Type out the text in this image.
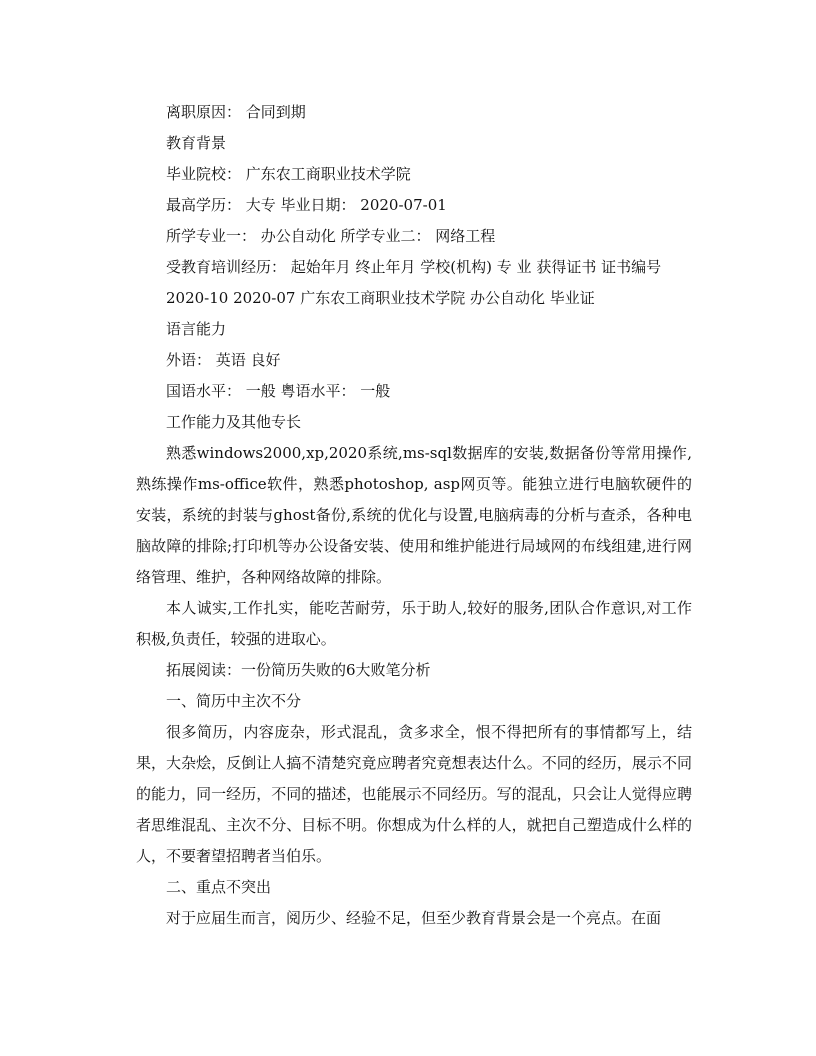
离职原因： 合同到期
教育背景
毕业院校： 广东农工商职业技术学院
最高学历： 大专 毕业日期： 2020-07-01
所学专业一： 办公自动化 所学专业二： 网络工程
受教育培训经历： 起始年月 终止年月 学校(机构) 专 业 获得证书 证书编号
2020-10 2020-07 广东农工商职业技术学院 办公自动化 毕业证
语言能力
外语： 英语 良好
国语水平： 一般 粤语水平： 一般
工作能力及其他专长
熟悉windows2000,xp,2020系统,ms-sql数据库的安装,数据备份等常用操作,熟练操作ms-office软件，熟悉photoshop, asp网页等。能独立进行电脑软硬件的安装，系统的封装与ghost备份,系统的优化与设置,电脑病毒的分析与查杀，各种电脑故障的排除;打印机等办公设备安装、使用和维护能进行局域网的布线组建,进行网络管理、维护，各种网络故障的排除。
本人诚实,工作扎实，能吃苦耐劳，乐于助人,较好的服务,团队合作意识,对工作积极,负责任，较强的进取心。
拓展阅读：一份简历失败的6大败笔分析
一、简历中主次不分
很多简历，内容庞杂，形式混乱，贪多求全，恨不得把所有的事情都写上，结果，大杂烩，反倒让人搞不清楚究竟应聘者究竟想表达什么。不同的经历，展示不同的能力，同一经历，不同的描述，也能展示不同经历。写的混乱，只会让人觉得应聘者思维混乱、主次不分、目标不明。你想成为什么样的人，就把自己塑造成什么样的人，不要奢望招聘者当伯乐。
二、重点不突出
对于应届生而言，阅历少、经验不足，但至少教育背景会是一个亮点。在面
